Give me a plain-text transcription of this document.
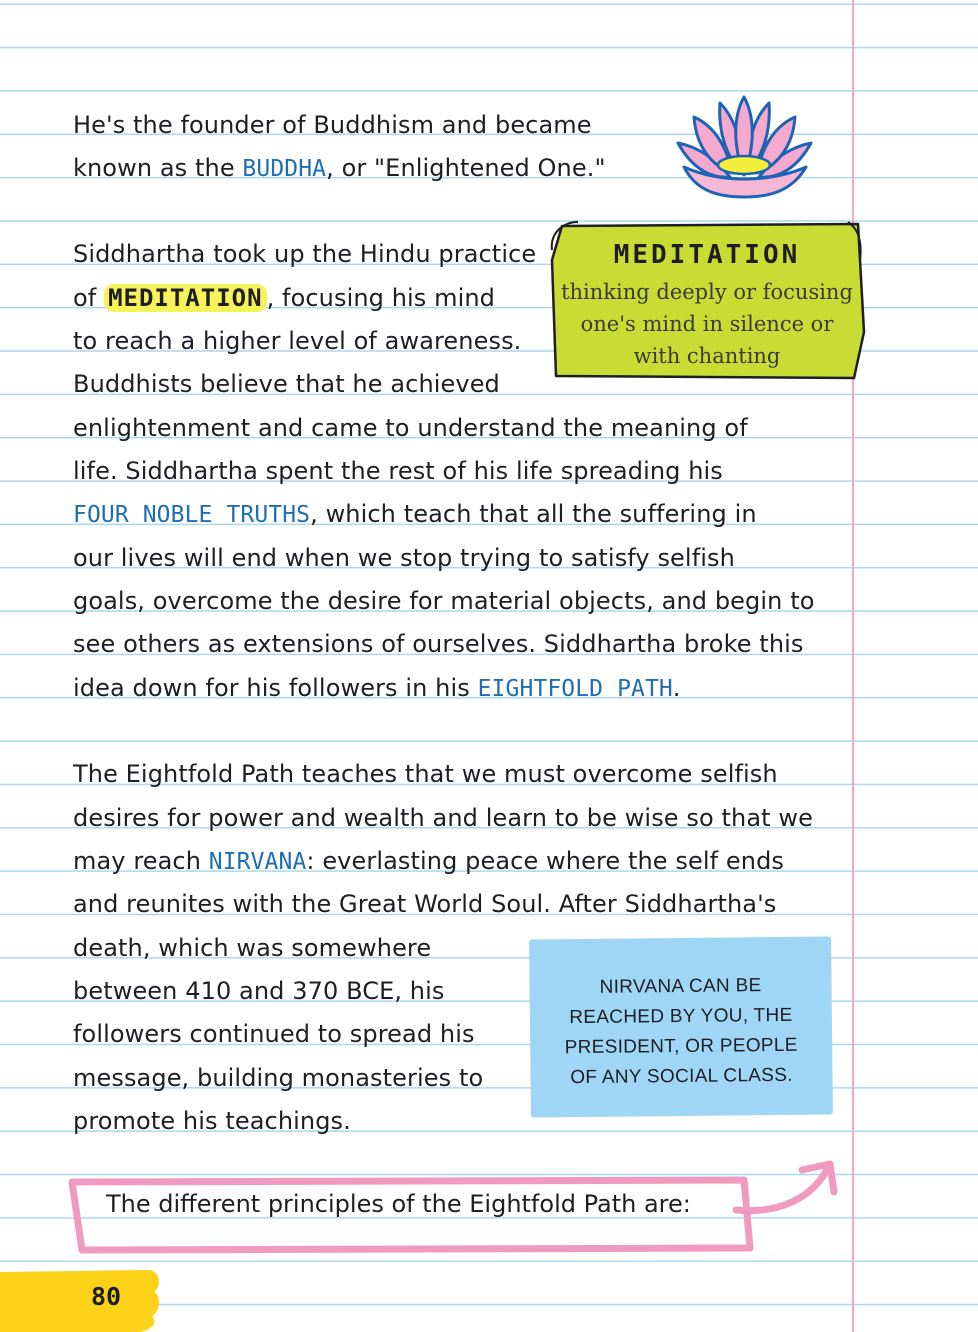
He's the founder of Buddhism and became
known as the BUDDHA, or "Enlightened One."
Siddhartha took up the Hindu practice
of MEDITATION , focusing his mind
to reach a higher level of awareness.
Buddhists believe that he achieved
enlightenment and came to understand the meaning of
life. Siddhartha spent the rest of his life spreading his
FOUR NOBLE TRUTHS, which teach that all the suffering in
our lives will end when we stop trying to satisfy selfish
goals, overcome the desire for material objects, and begin to
see others as extensions of ourselves. Siddhartha broke this
idea down for his followers in his EIGHTFOLD PATH.
MEDITATION
thinking deeply or focusing one's mind in silence or with chanting
The Eightfold Path teaches that we must overcome selfish
desires for power and wealth and learn to be wise so that we
may reach NIRVANA: everlasting peace where the self ends
and reunites with the Great World Soul. After Siddhartha's
death, which was somewhere
between 410 and 370 BCE, his
followers continued to spread his
message, building monasteries to
promote his teachings.
NIRVANA CAN BE REACHED BY YOU, THE PRESIDENT, OR PEOPLE OF ANY SOCIAL CLASS.
The different principles of the Eightfold Path are:
80
